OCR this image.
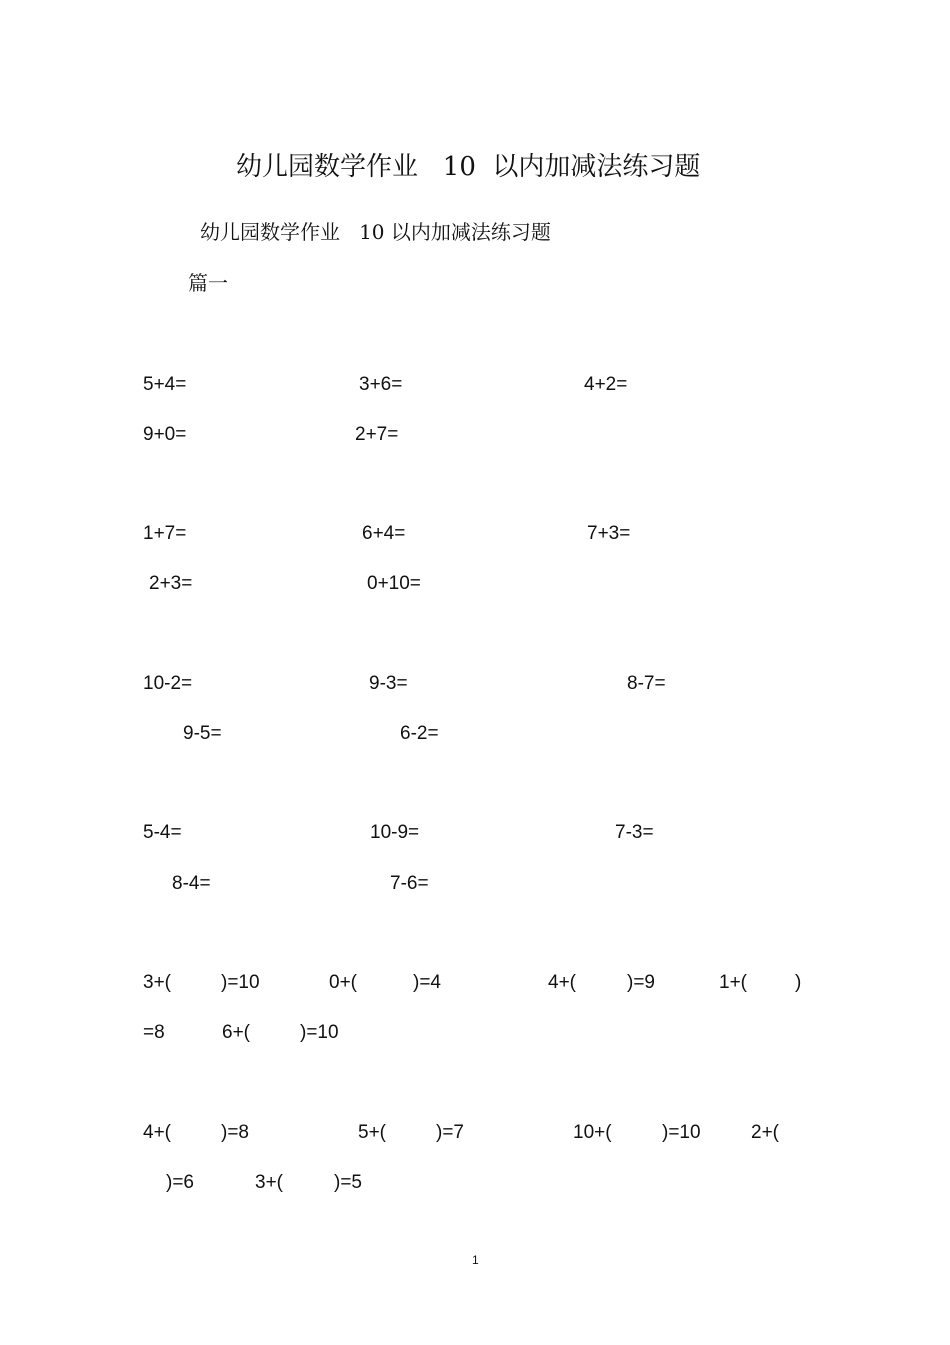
幼儿园数学作业   10  以内加减法练习题
幼儿园数学作业   10 以内加减法练习题
篇一
5+4=	3+6=	4+2=
9+0=	2+7=
1+7=	6+4=	7+3=
2+3=	0+10=
10-2=	9-3=	8-7=
9-5=	6-2=
5-4=	10-9=	7-3=
8-4=	7-6=
3+(	)=10	0+(	)=4	4+(	)=9	1+(	)
=8	6+(	)=10
4+(	)=8	5+(	)=7	10+(	)=10	2+(
)=6	3+(	)=5
1
